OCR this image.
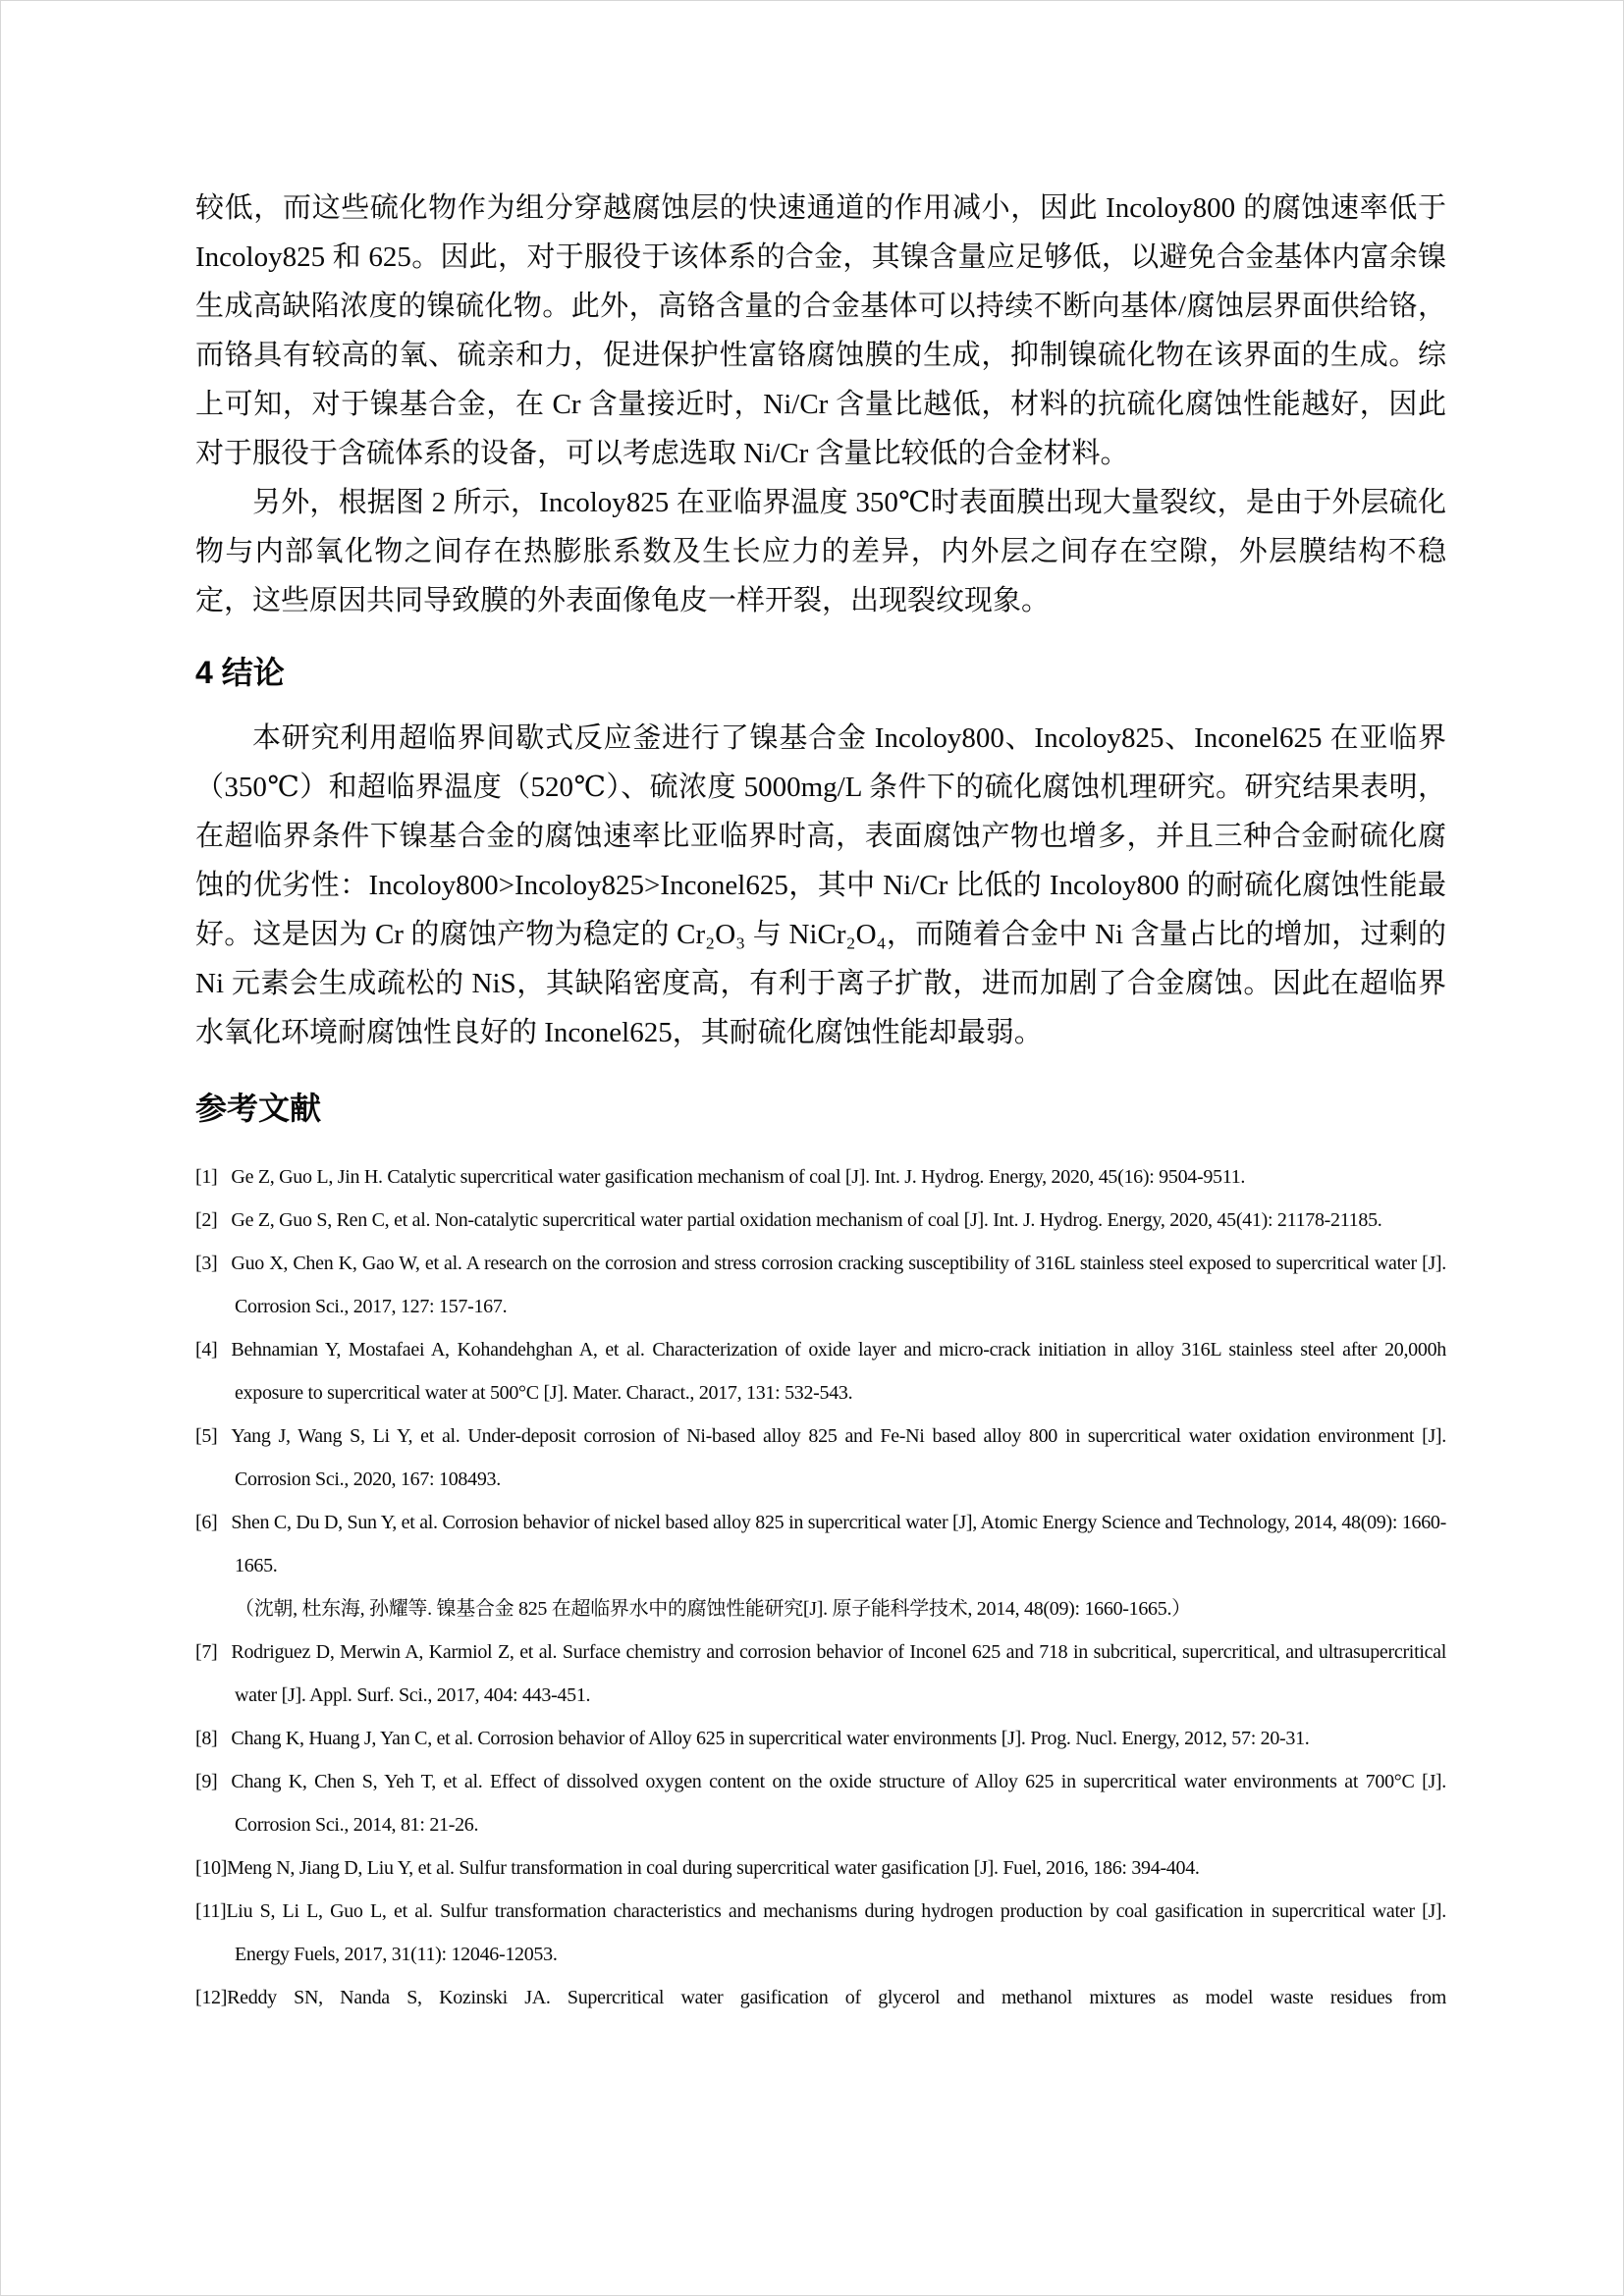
较低，而这些硫化物作为组分穿越腐蚀层的快速通道的作用减小，因此 Incoloy800 的腐蚀速率低于 Incoloy825 和 625。因此，对于服役于该体系的合金，其镍含量应足够低，以避免合金基体内富余镍生成高缺陷浓度的镍硫化物。此外，高铬含量的合金基体可以持续不断向基体/腐蚀层界面供给铬，而铬具有较高的氧、硫亲和力，促进保护性富铬腐蚀膜的生成，抑制镍硫化物在该界面的生成。综上可知，对于镍基合金，在 Cr 含量接近时，Ni/Cr 含量比越低，材料的抗硫化腐蚀性能越好，因此对于服役于含硫体系的设备，可以考虑选取 Ni/Cr 含量比较低的合金材料。

另外，根据图 2 所示，Incoloy825 在亚临界温度 350℃时表面膜出现大量裂纹，是由于外层硫化物与内部氧化物之间存在热膨胀系数及生长应力的差异，内外层之间存在空隙，外层膜结构不稳定，这些原因共同导致膜的外表面像龟皮一样开裂，出现裂纹现象。

4 结论

本研究利用超临界间歇式反应釜进行了镍基合金 Incoloy800、Incoloy825、Inconel625 在亚临界（350℃）和超临界温度（520℃）、硫浓度 5000mg/L 条件下的硫化腐蚀机理研究。研究结果表明，在超临界条件下镍基合金的腐蚀速率比亚临界时高，表面腐蚀产物也增多，并且三种合金耐硫化腐蚀的优劣性：Incoloy800>Incoloy825>Inconel625，其中 Ni/Cr 比低的 Incoloy800 的耐硫化腐蚀性能最好。这是因为 Cr 的腐蚀产物为稳定的 Cr₂O₃ 与 NiCr₂O₄，而随着合金中 Ni 含量占比的增加，过剩的 Ni 元素会生成疏松的 NiS，其缺陷密度高，有利于离子扩散，进而加剧了合金腐蚀。因此在超临界水氧化环境耐腐蚀性良好的 Inconel625，其耐硫化腐蚀性能却最弱。

参考文献
[1] Ge Z, Guo L, Jin H. Catalytic supercritical water gasification mechanism of coal [J]. Int. J. Hydrog. Energy, 2020, 45(16): 9504-9511.
[2] Ge Z, Guo S, Ren C, et al. Non-catalytic supercritical water partial oxidation mechanism of coal [J]. Int. J. Hydrog. Energy, 2020, 45(41): 21178-21185.
[3] Guo X, Chen K, Gao W, et al. A research on the corrosion and stress corrosion cracking susceptibility of 316L stainless steel exposed to supercritical water [J]. Corrosion Sci., 2017, 127: 157-167.
[4] Behnamian Y, Mostafaei A, Kohandehghan A, et al. Characterization of oxide layer and micro-crack initiation in alloy 316L stainless steel after 20,000h exposure to supercritical water at 500°C [J]. Mater. Charact., 2017, 131: 532-543.
[5] Yang J, Wang S, Li Y, et al. Under-deposit corrosion of Ni-based alloy 825 and Fe-Ni based alloy 800 in supercritical water oxidation environment [J]. Corrosion Sci., 2020, 167: 108493.
[6] Shen C, Du D, Sun Y, et al. Corrosion behavior of nickel based alloy 825 in supercritical water [J], Atomic Energy Science and Technology, 2014, 48(09): 1660-1665.
（沈朝, 杜东海, 孙耀等. 镍基合金 825 在超临界水中的腐蚀性能研究[J]. 原子能科学技术, 2014, 48(09): 1660-1665.）
[7] Rodriguez D, Merwin A, Karmiol Z, et al. Surface chemistry and corrosion behavior of Inconel 625 and 718 in subcritical, supercritical, and ultrasupercritical water [J]. Appl. Surf. Sci., 2017, 404: 443-451.
[8] Chang K, Huang J, Yan C, et al. Corrosion behavior of Alloy 625 in supercritical water environments [J]. Prog. Nucl. Energy, 2012, 57: 20-31.
[9] Chang K, Chen S, Yeh T, et al. Effect of dissolved oxygen content on the oxide structure of Alloy 625 in supercritical water environments at 700°C [J]. Corrosion Sci., 2014, 81: 21-26.
[10]Meng N, Jiang D, Liu Y, et al. Sulfur transformation in coal during supercritical water gasification [J]. Fuel, 2016, 186: 394-404.
[11]Liu S, Li L, Guo L, et al. Sulfur transformation characteristics and mechanisms during hydrogen production by coal gasification in supercritical water [J]. Energy Fuels, 2017, 31(11): 12046-12053.
[12]Reddy SN, Nanda S, Kozinski JA. Supercritical water gasification of glycerol and methanol mixtures as model waste residues from
